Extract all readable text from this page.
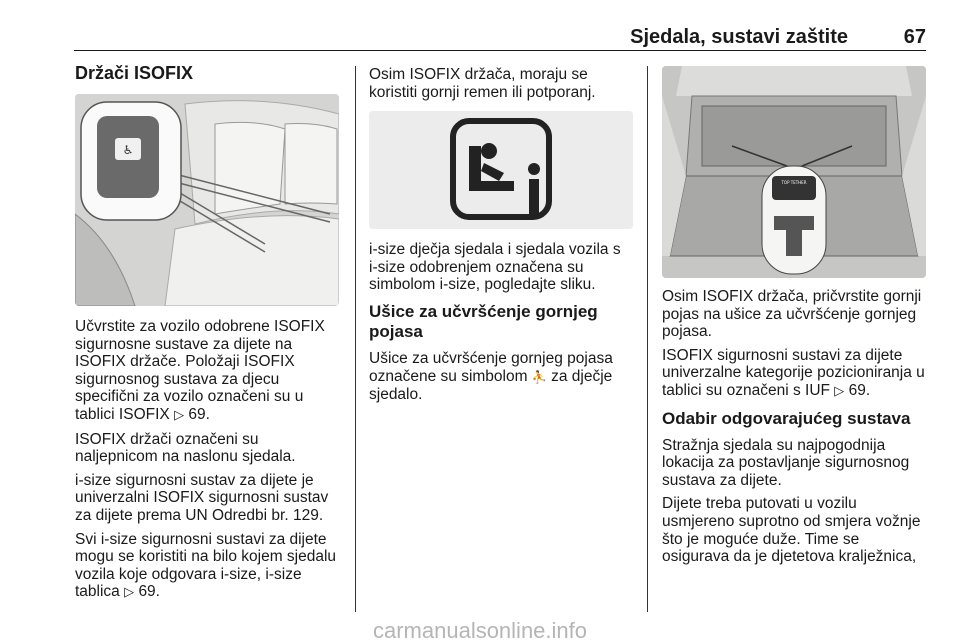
Sjedala, sustavi zaštite	67
Držači ISOFIX
♿

Učvrstite za vozilo odobrene ISOFIX sigurnosne sustave za dijete na ISOFIX držače. Položaji ISOFIX sigurnosnog sustava za djecu specifični za vozilo označeni su u tablici ISOFIX ▷ 69.

ISOFIX držači označeni su naljepnicom na naslonu sjedala.

i-size sigurnosni sustav za dijete je univerzalni ISOFIX sigurnosni sustav za dijete prema UN Odredbi br. 129.

Svi i-size sigurnosni sustavi za dijete mogu se koristiti na bilo kojem sjedalu vozila koje odgovara i-size, i-size tablica ▷ 69.

Osim ISOFIX držača, moraju se koristiti gornji remen ili potporanj.

i-size dječja sjedala i sjedala vozila s i-size odobrenjem označena su simbolom i-size, pogledajte sliku.

Ušice za učvršćenje gornjeg pojasa

Ušice za učvršćenje gornjeg pojasa označene su simbolom ⛹ za dječje sjedalo.

TOP TETHER

Osim ISOFIX držača, pričvrstite gornji pojas na ušice za učvršćenje gornjeg pojasa.

ISOFIX sigurnosni sustavi za dijete univerzalne kategorije pozicioniranja u tablici su označeni s IUF ▷ 69.

Odabir odgovarajućeg sustava

Stražnja sjedala su najpogodnija lokacija za postavljanje sigurnosnog sustava za dijete.

Dijete treba putovati u vozilu usmjereno suprotno od smjera vožnje što je moguće duže. Time se osigurava da je djetetova kralježnica,

carmanualsonline.info
